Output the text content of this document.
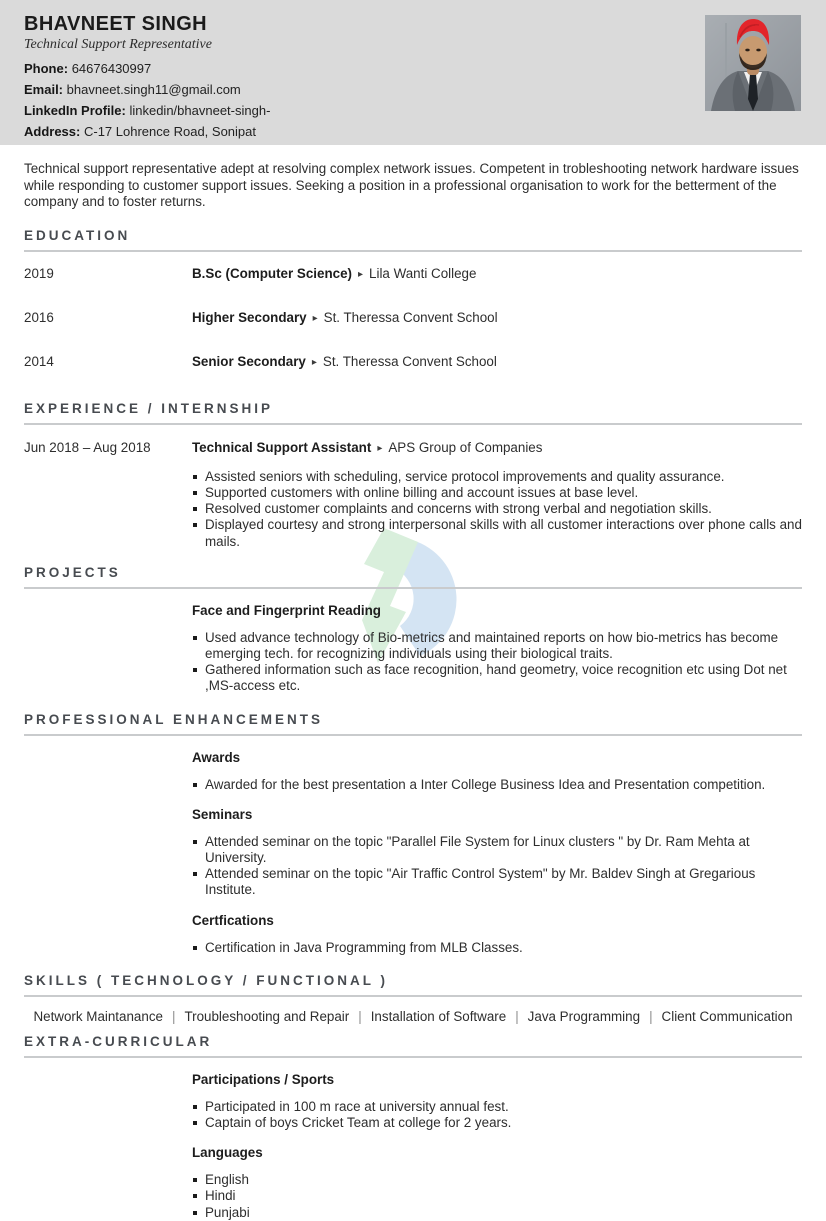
BHAVNEET SINGH
Technical Support Representative
Phone: 64676430997
Email: bhavneet.singh11@gmail.com
LinkedIn Profile: linkedin/bhavneet-singh-
Address: C-17 Lohrence Road, Sonipat

Technical support representative adept at resolving complex network issues. Competent in trobleshooting network hardware issues while responding to customer support issues. Seeking a position in a professional organisation to work for the betterment of the company and to foster returns.

EDUCATION
2019	B.Sc (Computer Science) ▸ Lila Wanti College
2016	Higher Secondary ▸ St. Theressa Convent School
2014	Senior Secondary ▸ St. Theressa Convent School
EXPERIENCE / INTERNSHIP
Jun 2018 – Aug 2018	Technical Support Assistant ▸ APS Group of Companies
Assisted seniors with scheduling, service protocol improvements and quality assurance.
Supported customers with online billing and account issues at base level.
Resolved customer complaints and concerns with strong verbal and negotiation skills.
Displayed courtesy and strong interpersonal skills with all customer interactions over phone calls and mails.
PROJECTS
Face and Fingerprint Reading
Used advance technology of Bio-metrics and maintained reports on how bio-metrics has become emerging tech. for recognizing individuals using their biological traits.
Gathered information such as face recognition, hand geometry, voice recognition etc using Dot net ,MS-access etc.
PROFESSIONAL ENHANCEMENTS
Awards
Awarded for the best presentation a Inter College Business Idea and Presentation competition.
Seminars
Attended seminar on the topic "Parallel File System for Linux clusters " by Dr. Ram Mehta at University.
Attended seminar on the topic "Air Traffic Control System" by Mr. Baldev Singh at Gregarious Institute.
Certfications
Certification in Java Programming from MLB Classes.
SKILLS ( TECHNOLOGY / FUNCTIONAL )
Network Maintanance | Troubleshooting and Repair | Installation of Software | Java Programming | Client Communication
EXTRA-CURRICULAR
Participations / Sports
Participated in 100 m race at university annual fest.
Captain of boys Cricket Team at college for 2 years.
Languages
English
Hindi
Punjabi
